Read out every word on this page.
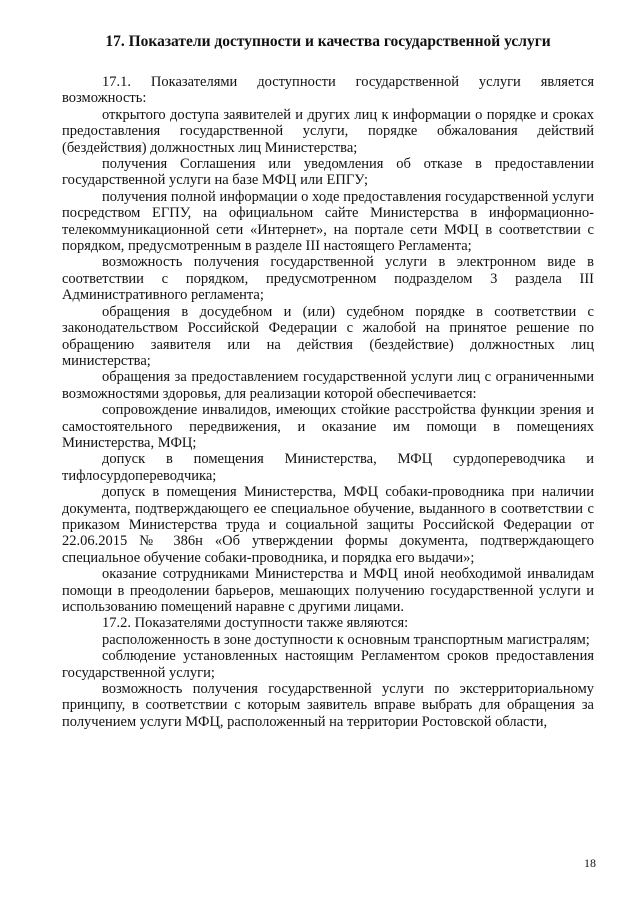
17. Показатели доступности и качества государственной услуги

17.1. Показателями доступности государственной услуги является возможность:

открытого доступа заявителей и других лиц к информации о порядке и сроках предоставления государственной услуги, порядке обжалования действий (бездействия) должностных лиц Министерства;

получения Соглашения или уведомления об отказе в предоставлении государственной услуги на базе МФЦ или ЕПГУ;

получения полной информации о ходе предоставления государственной услуги посредством ЕГПУ, на официальном сайте Министерства в информационно-телекоммуникационной сети «Интернет», на портале сети МФЦ в соответствии с порядком, предусмотренным в разделе III настоящего Регламента;

возможность получения государственной услуги в электронном виде в соответствии с порядком, предусмотренном подразделом 3 раздела III Административного регламента;

обращения в досудебном и (или) судебном порядке в соответствии с законодательством Российской Федерации с жалобой на принятое решение по обращению заявителя или на действия (бездействие) должностных лиц министерства;

обращения за предоставлением государственной услуги лиц с ограниченными возможностями здоровья, для реализации которой обеспечивается:

сопровождение инвалидов, имеющих стойкие расстройства функции зрения и самостоятельного передвижения, и оказание им помощи в помещениях Министерства, МФЦ;

допуск в помещения Министерства, МФЦ сурдопереводчика и тифлосурдопереводчика;

допуск в помещения Министерства, МФЦ собаки-проводника при наличии документа, подтверждающего ее специальное обучение, выданного в соответствии с приказом Министерства труда и социальной защиты Российской Федерации от 22.06.2015 № 386н «Об утверждении формы документа, подтверждающего специальное обучение собаки-проводника, и порядка его выдачи»;

оказание сотрудниками Министерства и МФЦ иной необходимой инвалидам помощи в преодолении барьеров, мешающих получению государственной услуги и использованию помещений наравне с другими лицами.

17.2. Показателями доступности также являются:

расположенность в зоне доступности к основным транспортным магистралям;

соблюдение установленных настоящим Регламентом сроков предоставления государственной услуги;

возможность получения государственной услуги по экстерриториальному принципу, в соответствии с которым заявитель вправе выбрать для обращения за получением услуги МФЦ, расположенный на территории Ростовской области,

18
